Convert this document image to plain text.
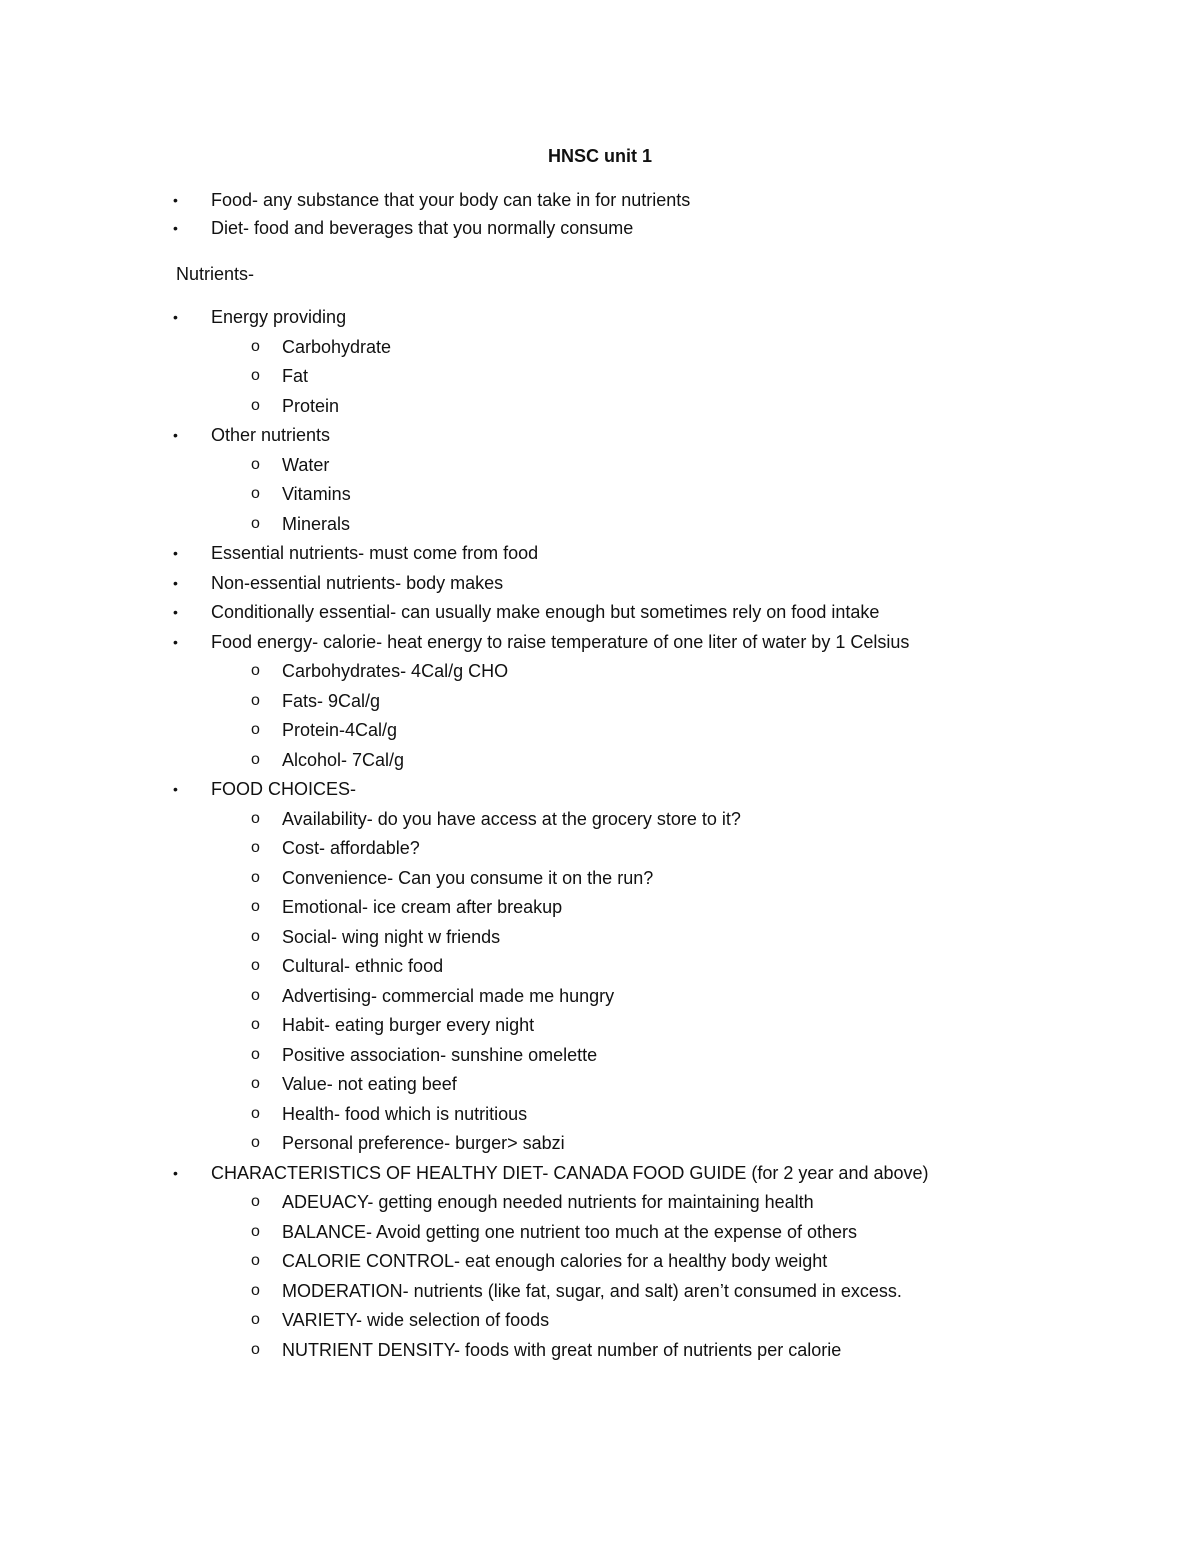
HNSC unit 1
• Food- any substance that your body can take in for nutrients
• Diet- food and beverages that you normally consume
Nutrients-
• Energy providing
o Carbohydrate
o Fat
o Protein
• Other nutrients
o Water
o Vitamins
o Minerals
• Essential nutrients- must come from food
• Non-essential nutrients- body makes
• Conditionally essential- can usually make enough but sometimes rely on food intake
• Food energy- calorie- heat energy to raise temperature of one liter of water by 1 Celsius
o Carbohydrates- 4Cal/g CHO
o Fats- 9Cal/g
o Protein-4Cal/g
o Alcohol- 7Cal/g
• FOOD CHOICES-
o Availability- do you have access at the grocery store to it?
o Cost- affordable?
o Convenience- Can you consume it on the run?
o Emotional- ice cream after breakup
o Social- wing night w friends
o Cultural- ethnic food
o Advertising- commercial made me hungry
o Habit- eating burger every night
o Positive association- sunshine omelette
o Value- not eating beef
o Health- food which is nutritious
o Personal preference- burger> sabzi
• CHARACTERISTICS OF HEALTHY DIET- CANADA FOOD GUIDE (for 2 year and above)
o ADEUACY- getting enough needed nutrients for maintaining health
o BALANCE- Avoid getting one nutrient too much at the expense of others
o CALORIE CONTROL- eat enough calories for a healthy body weight
o MODERATION- nutrients (like fat, sugar, and salt) aren’t consumed in excess.
o VARIETY- wide selection of foods
o NUTRIENT DENSITY- foods with great number of nutrients per calorie
